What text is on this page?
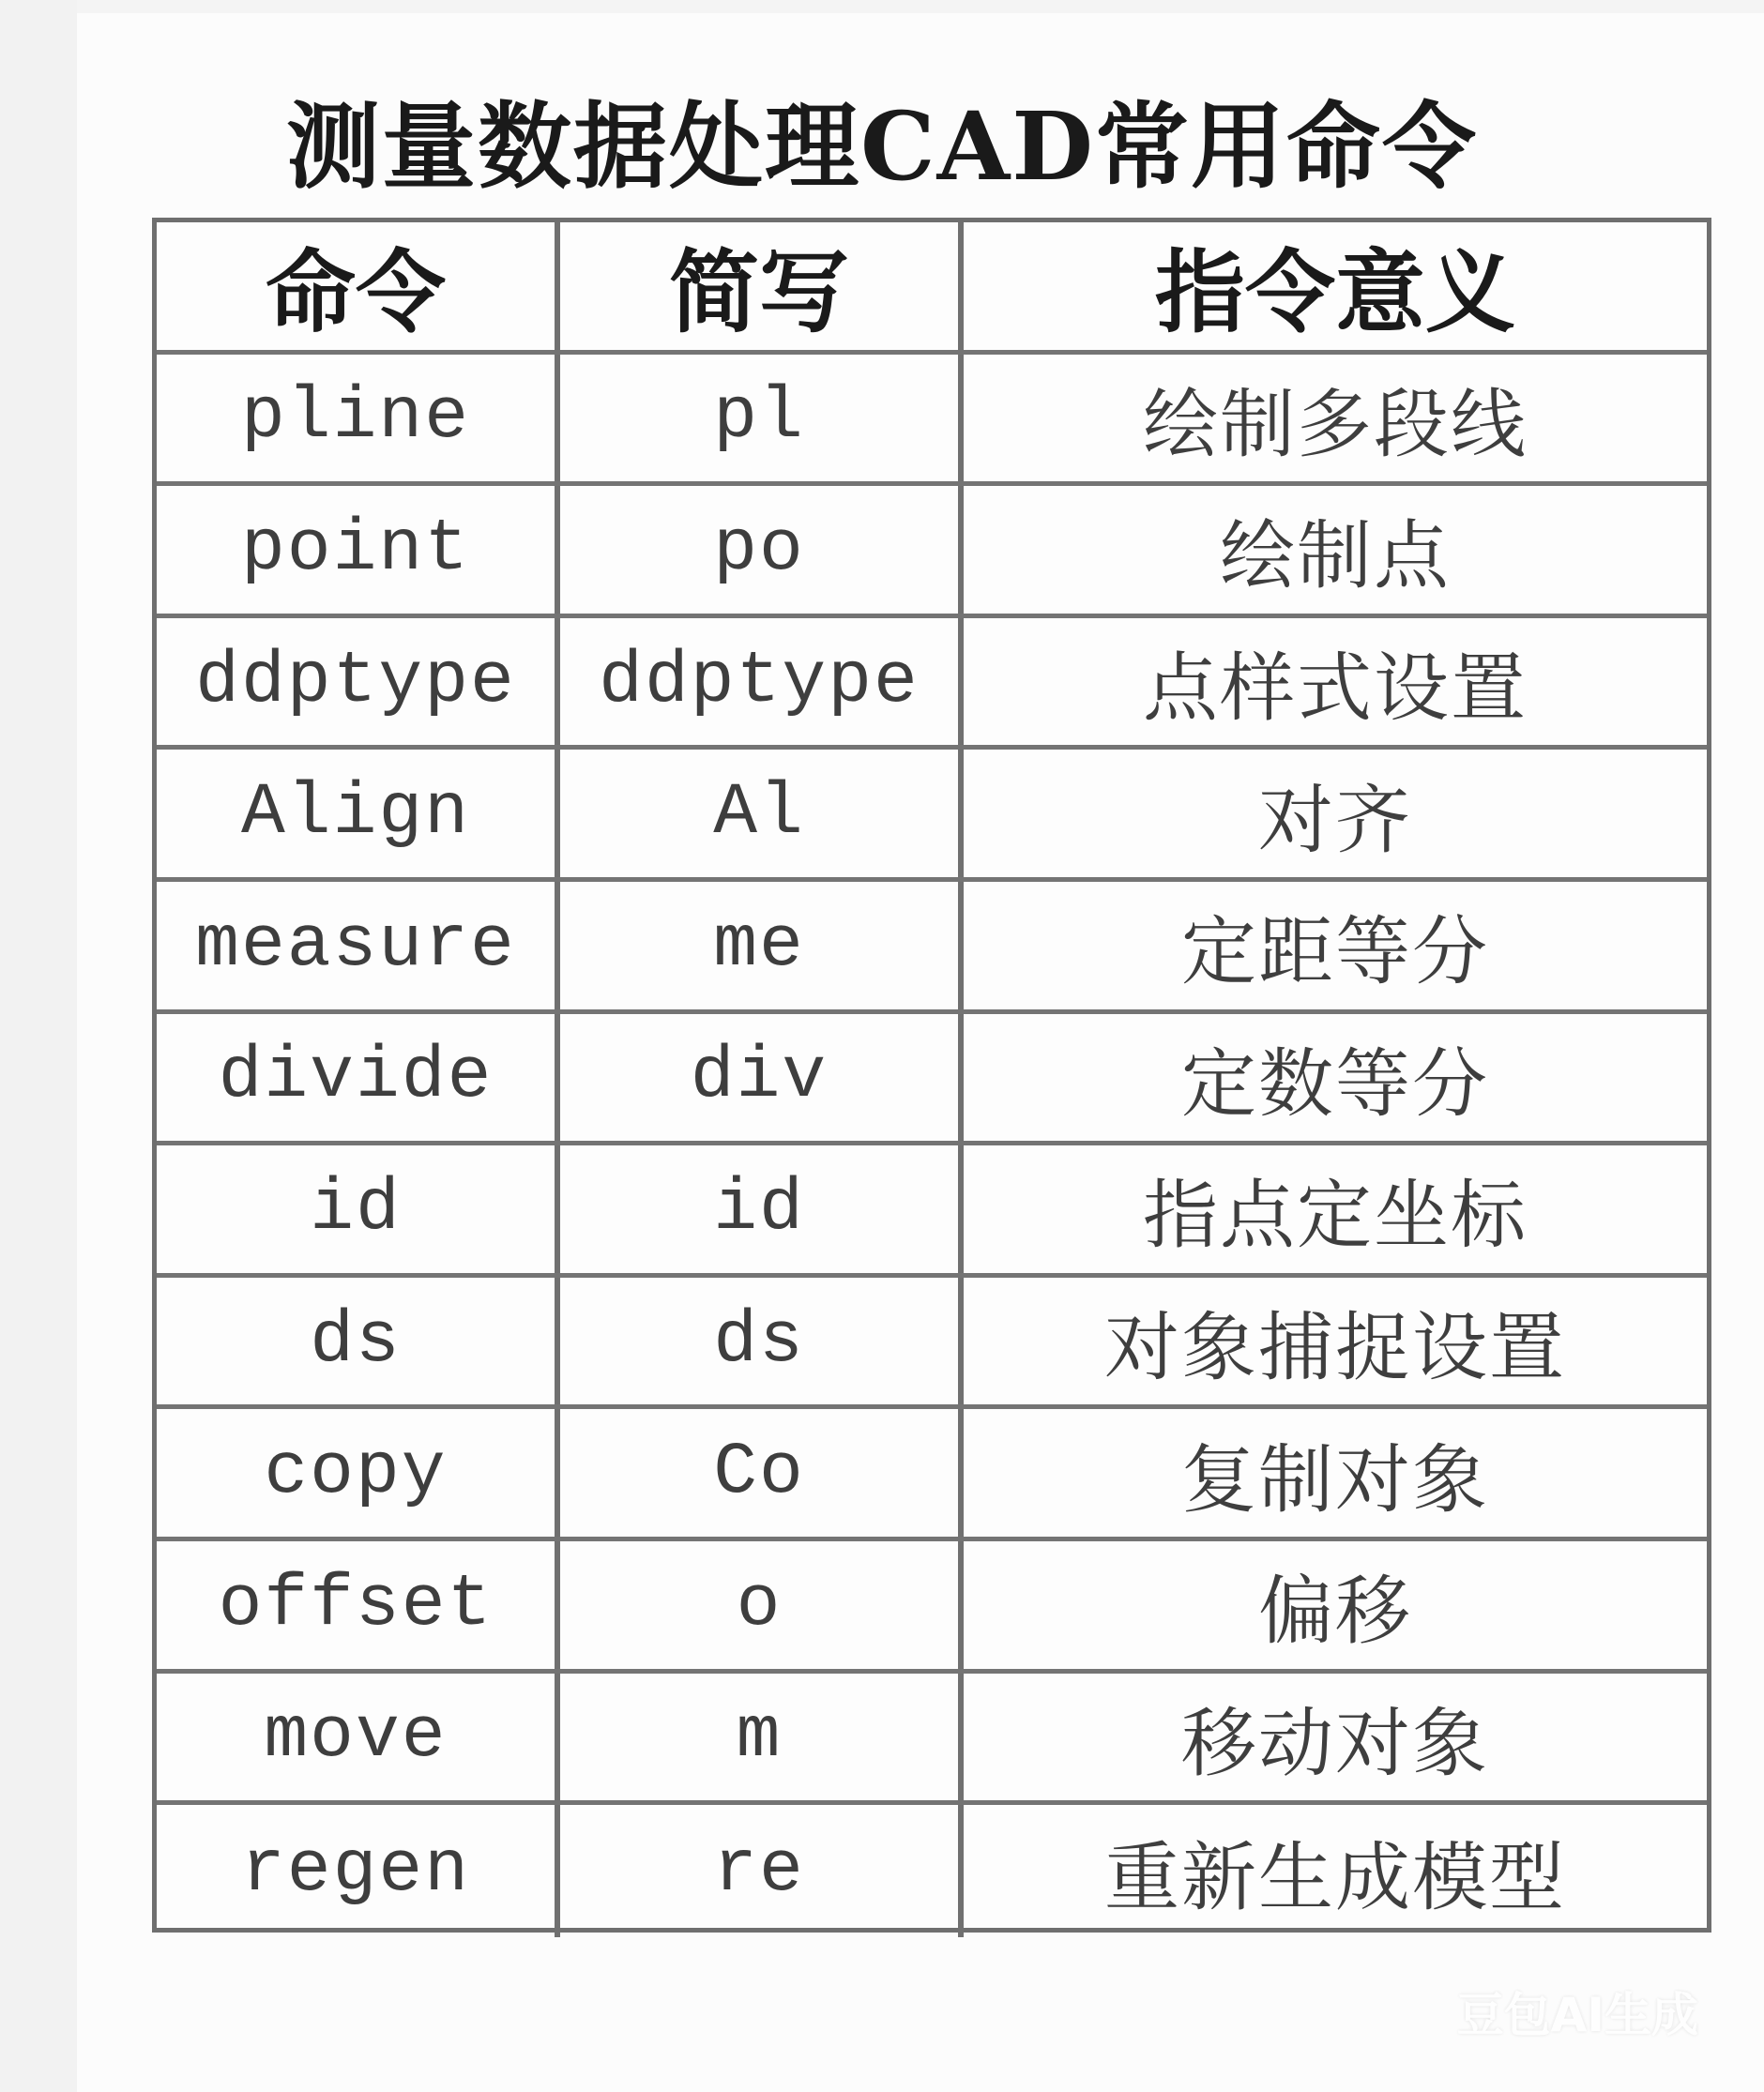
测量数据处理CAD常用命令
命令	简写	指令意义
pline	pl	绘制多段线
point	po	绘制点
ddptype	ddptype	点样式设置
Align	Al	对齐
measure	me	定距等分
divide	div	定数等分
id	id	指点定坐标
ds	ds	对象捕捉设置
copy	Co	复制对象
offset	o	偏移
move	m	移动对象
regen	re	重新生成模型
豆包AI生成
